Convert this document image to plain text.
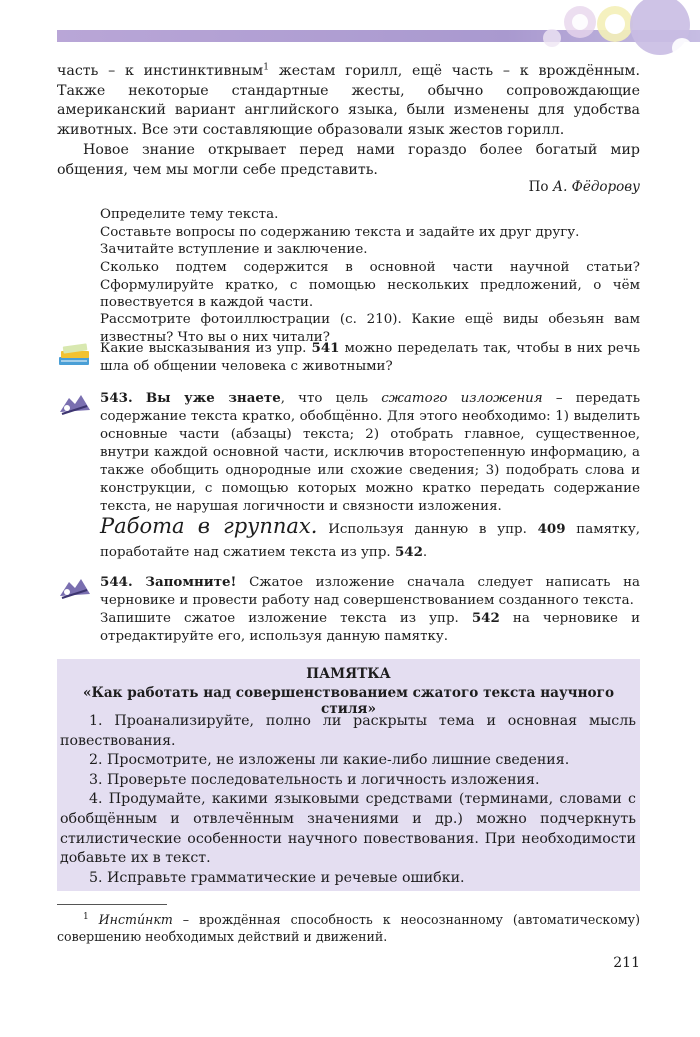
часть – к инстинктивным$^1$ жестам горилл, ещё часть – к врождённым. Также некоторые стандартные жесты, обычно сопровождающие американский вариант английского языка, были изменены для удобства животных. Все эти составляющие образовали язык жестов горилл.
Новое знание открывает перед нами гораздо более богатый мир общения, чем мы могли себе представить.
По А. Фёдорову
Определите тему текста.
Составьте вопросы по содержанию текста и задайте их друг другу.
Зачитайте вступление и заключение.
Сколько подтем содержится в основной части научной статьи? Сформулируйте кратко, с помощью нескольких предложений, о чём повествуется в каждой части.
Рассмотрите фотоиллюстрации (с. 210). Какие ещё виды обезьян вам известны? Что вы о них читали?
Какие высказывания из упр. 541 можно переделать так, чтобы в них речь шла об общении человека с животными?
543. Вы уже знаете, что цель сжатого изложения – передать содержание текста кратко, обобщённо. Для этого необходимо: 1) выделить основные части (абзацы) текста; 2) отобрать главное, существенное, внутри каждой основной части, исключив второстепенную информацию, а также обобщить однородные или схожие сведения; 3) подобрать слова и конструкции, с помощью которых можно кратко передать содержание текста, не нарушая логичности и связности изложения.
Работа в группах. Используя данную в упр. 409 памятку, поработайте над сжатием текста из упр. 542.
544. Запомните! Сжатое изложение сначала следует написать на черновике и провести работу над совершенствованием созданного текста.
Запишите сжатое изложение текста из упр. 542 на черновике и отредактируйте его, используя данную памятку.
ПАМЯТКА
«Как работать над совершенствованием сжатого текста научного стиля»
1. Проанализируйте, полно ли раскрыты тема и основная мысль повествования.
2. Просмотрите, не изложены ли какие-либо лишние сведения.
3. Проверьте последовательность и логичность изложения.
4. Продумайте, какими языковыми средствами (терминами, словами с обобщённым и отвлечённым значениями и др.) можно подчеркнуть стилистические особенности научного повествования. При необходимости добавьте их в текст.
5. Исправьте грамматические и речевые ошибки.
$^1$ Инсти́нкт – врождённая способность к неосознанному (автоматическому) совершению необходимых действий и движений.
211
